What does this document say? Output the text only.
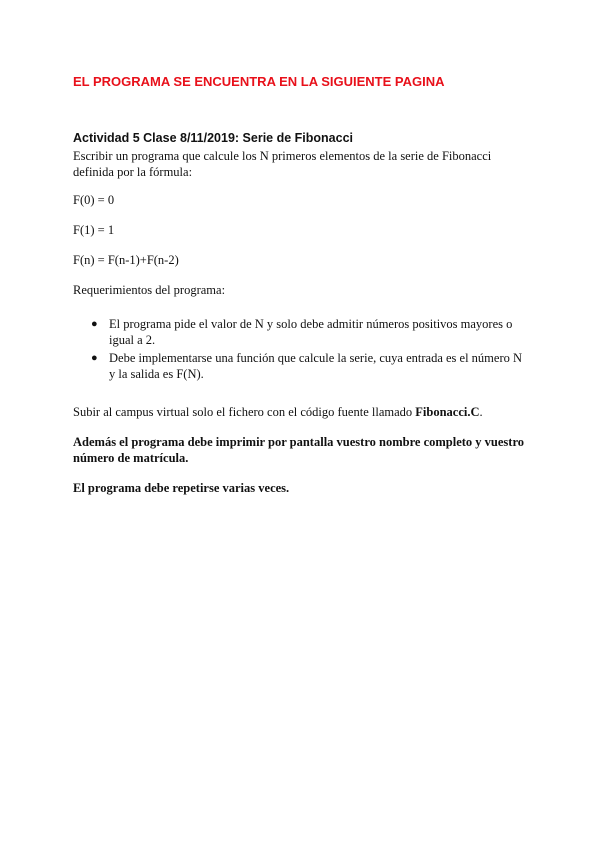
EL PROGRAMA SE ENCUENTRA EN LA SIGUIENTE PAGINA

Actividad 5 Clase 8/11/2019: Serie de Fibonacci

Escribir un programa que calcule los N primeros elementos de la serie de Fibonacci definida por la fórmula:

F(0) = 0

F(1) = 1

F(n) = F(n-1)+F(n-2)

Requerimientos del programa:

● El programa pide el valor de N y solo debe admitir números positivos mayores o igual a 2.
● Debe implementarse una función que calcule la serie, cuya entrada es el número N y la salida es F(N).

Subir al campus virtual solo el fichero con el código fuente llamado Fibonacci.C.

Además el programa debe imprimir por pantalla vuestro nombre completo y vuestro número de matrícula.

El programa debe repetirse varias veces.
